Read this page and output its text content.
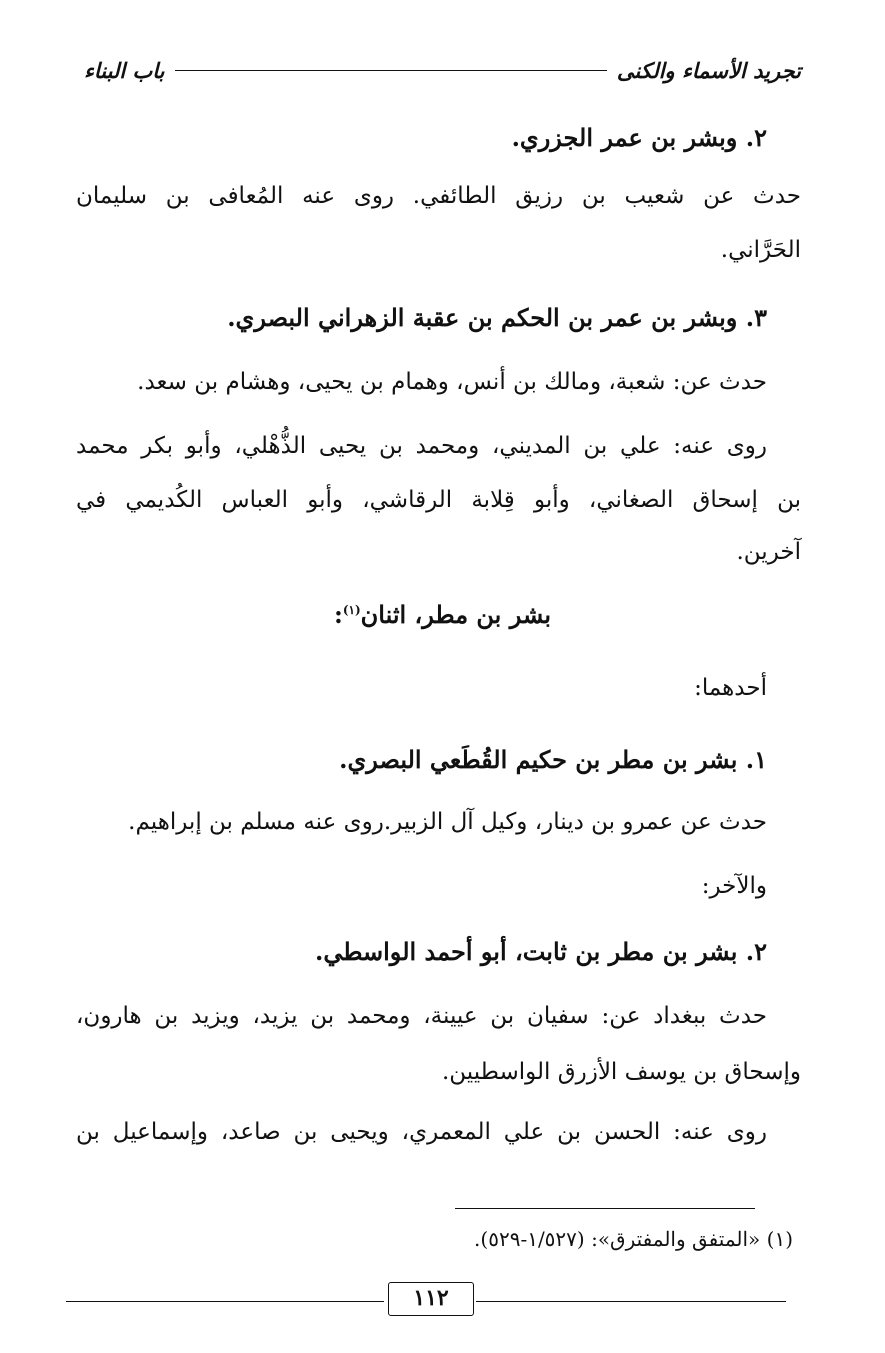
تجريد الأسماء والكنى
باب البناء
٢. وبشر بن عمر الجزري.
حدث عن شعيب بن رزيق الطائفي. روى عنه المُعافى بن سليمان
الحَرَّاني.
٣. وبشر بن عمر بن الحكم بن عقبة الزهراني البصري.
حدث عن: شعبة، ومالك بن أنس، وهمام بن يحيى، وهشام بن سعد.
روى عنه: علي بن المديني، ومحمد بن يحيى الذُّهْلي، وأبو بكر محمد
بن إسحاق الصغاني، وأبو قِلابة الرقاشي، وأبو العباس الكُديمي في
آخرين.
بشر بن مطر، اثنان$^{(١)}$:
أحدهما:
١. بشر بن مطر بن حكيم القُطَعي البصري.
حدث عن عمرو بن دينار، وكيل آل الزبير.روى عنه مسلم بن إبراهيم.
والآخر:
٢. بشر بن مطر بن ثابت، أبو أحمد الواسطي.
حدث ببغداد عن: سفيان بن عيينة، ومحمد بن يزيد، ويزيد بن هارون،
وإسحاق بن يوسف الأزرق الواسطيين.
روى عنه: الحسن بن علي المعمري، ويحيى بن صاعد، وإسماعيل بن
(١) «المتفق والمفترق»: (١/٥٢٧-٥٢٩).
١١٢
